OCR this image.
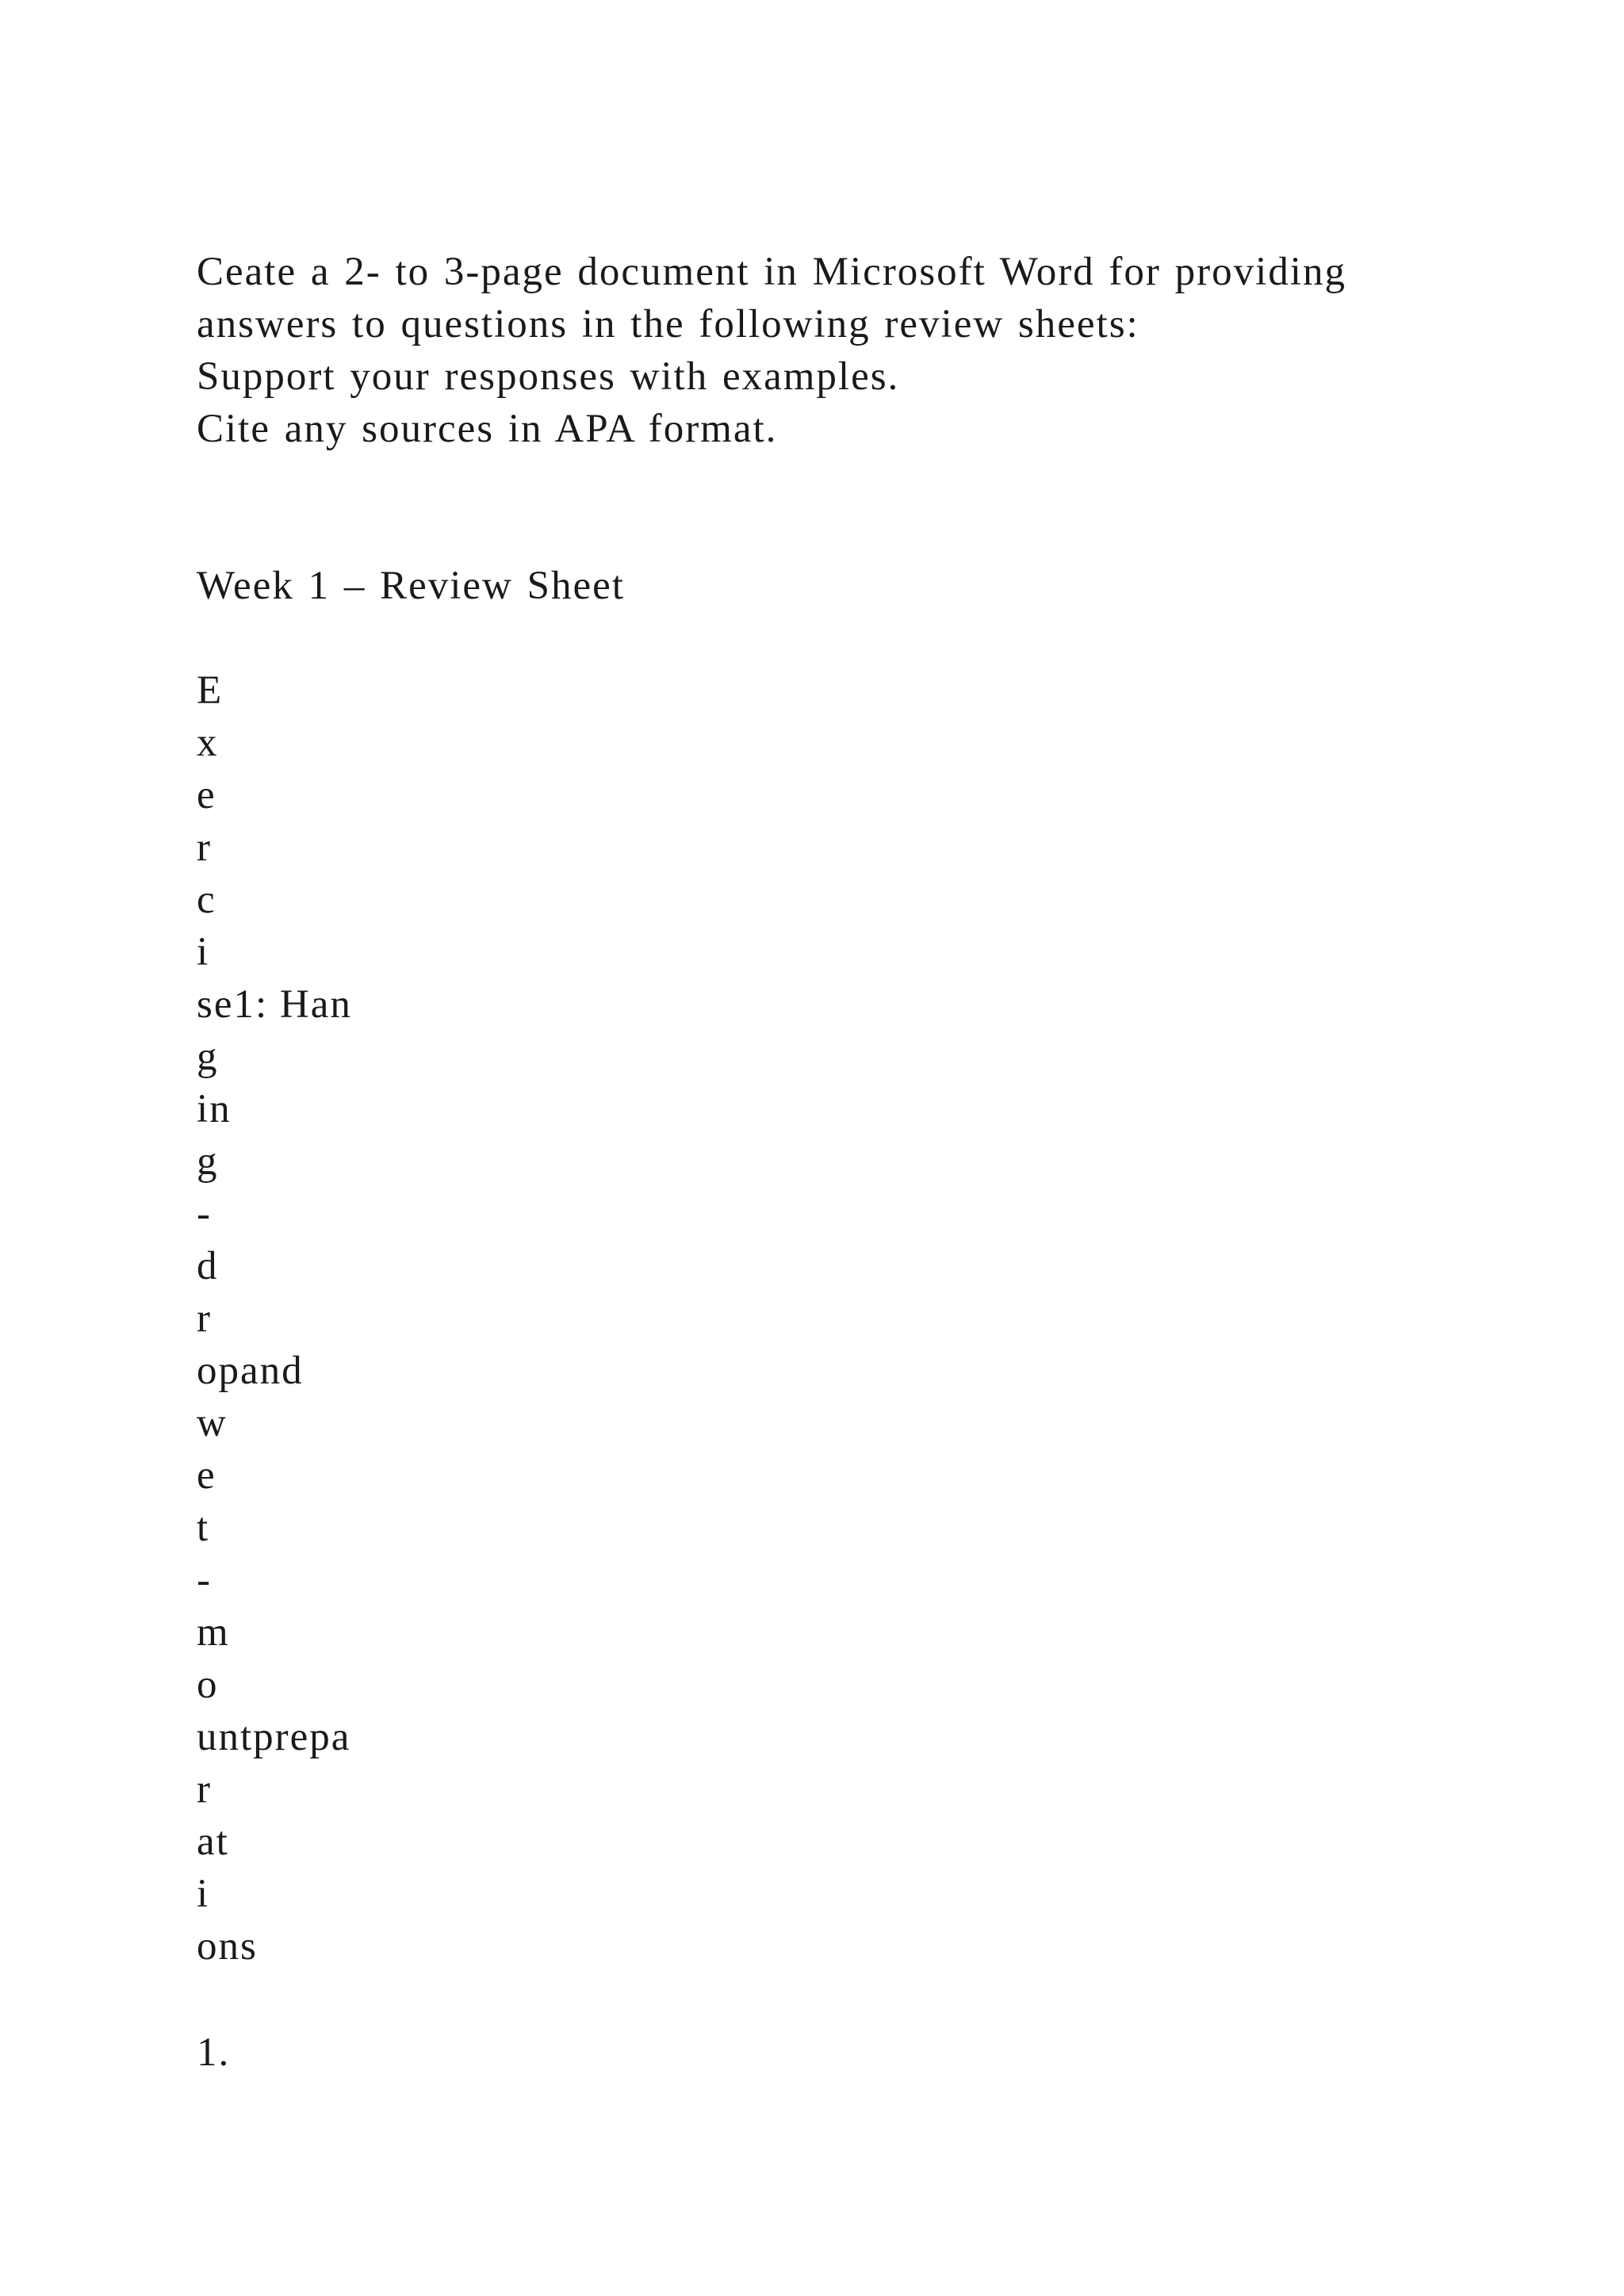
Ceate a 2- to 3-page document in Microsoft Word for providing
answers to questions in the following review sheets:
Support your responses with examples.
Cite any sources in APA format.
Week 1 – Review Sheet
E
x
e
r
c
i
se1: Han
g
in
g
-
d
r
opand
w
e
t
-
m
o
untprepa
r
at
i
ons
1.
